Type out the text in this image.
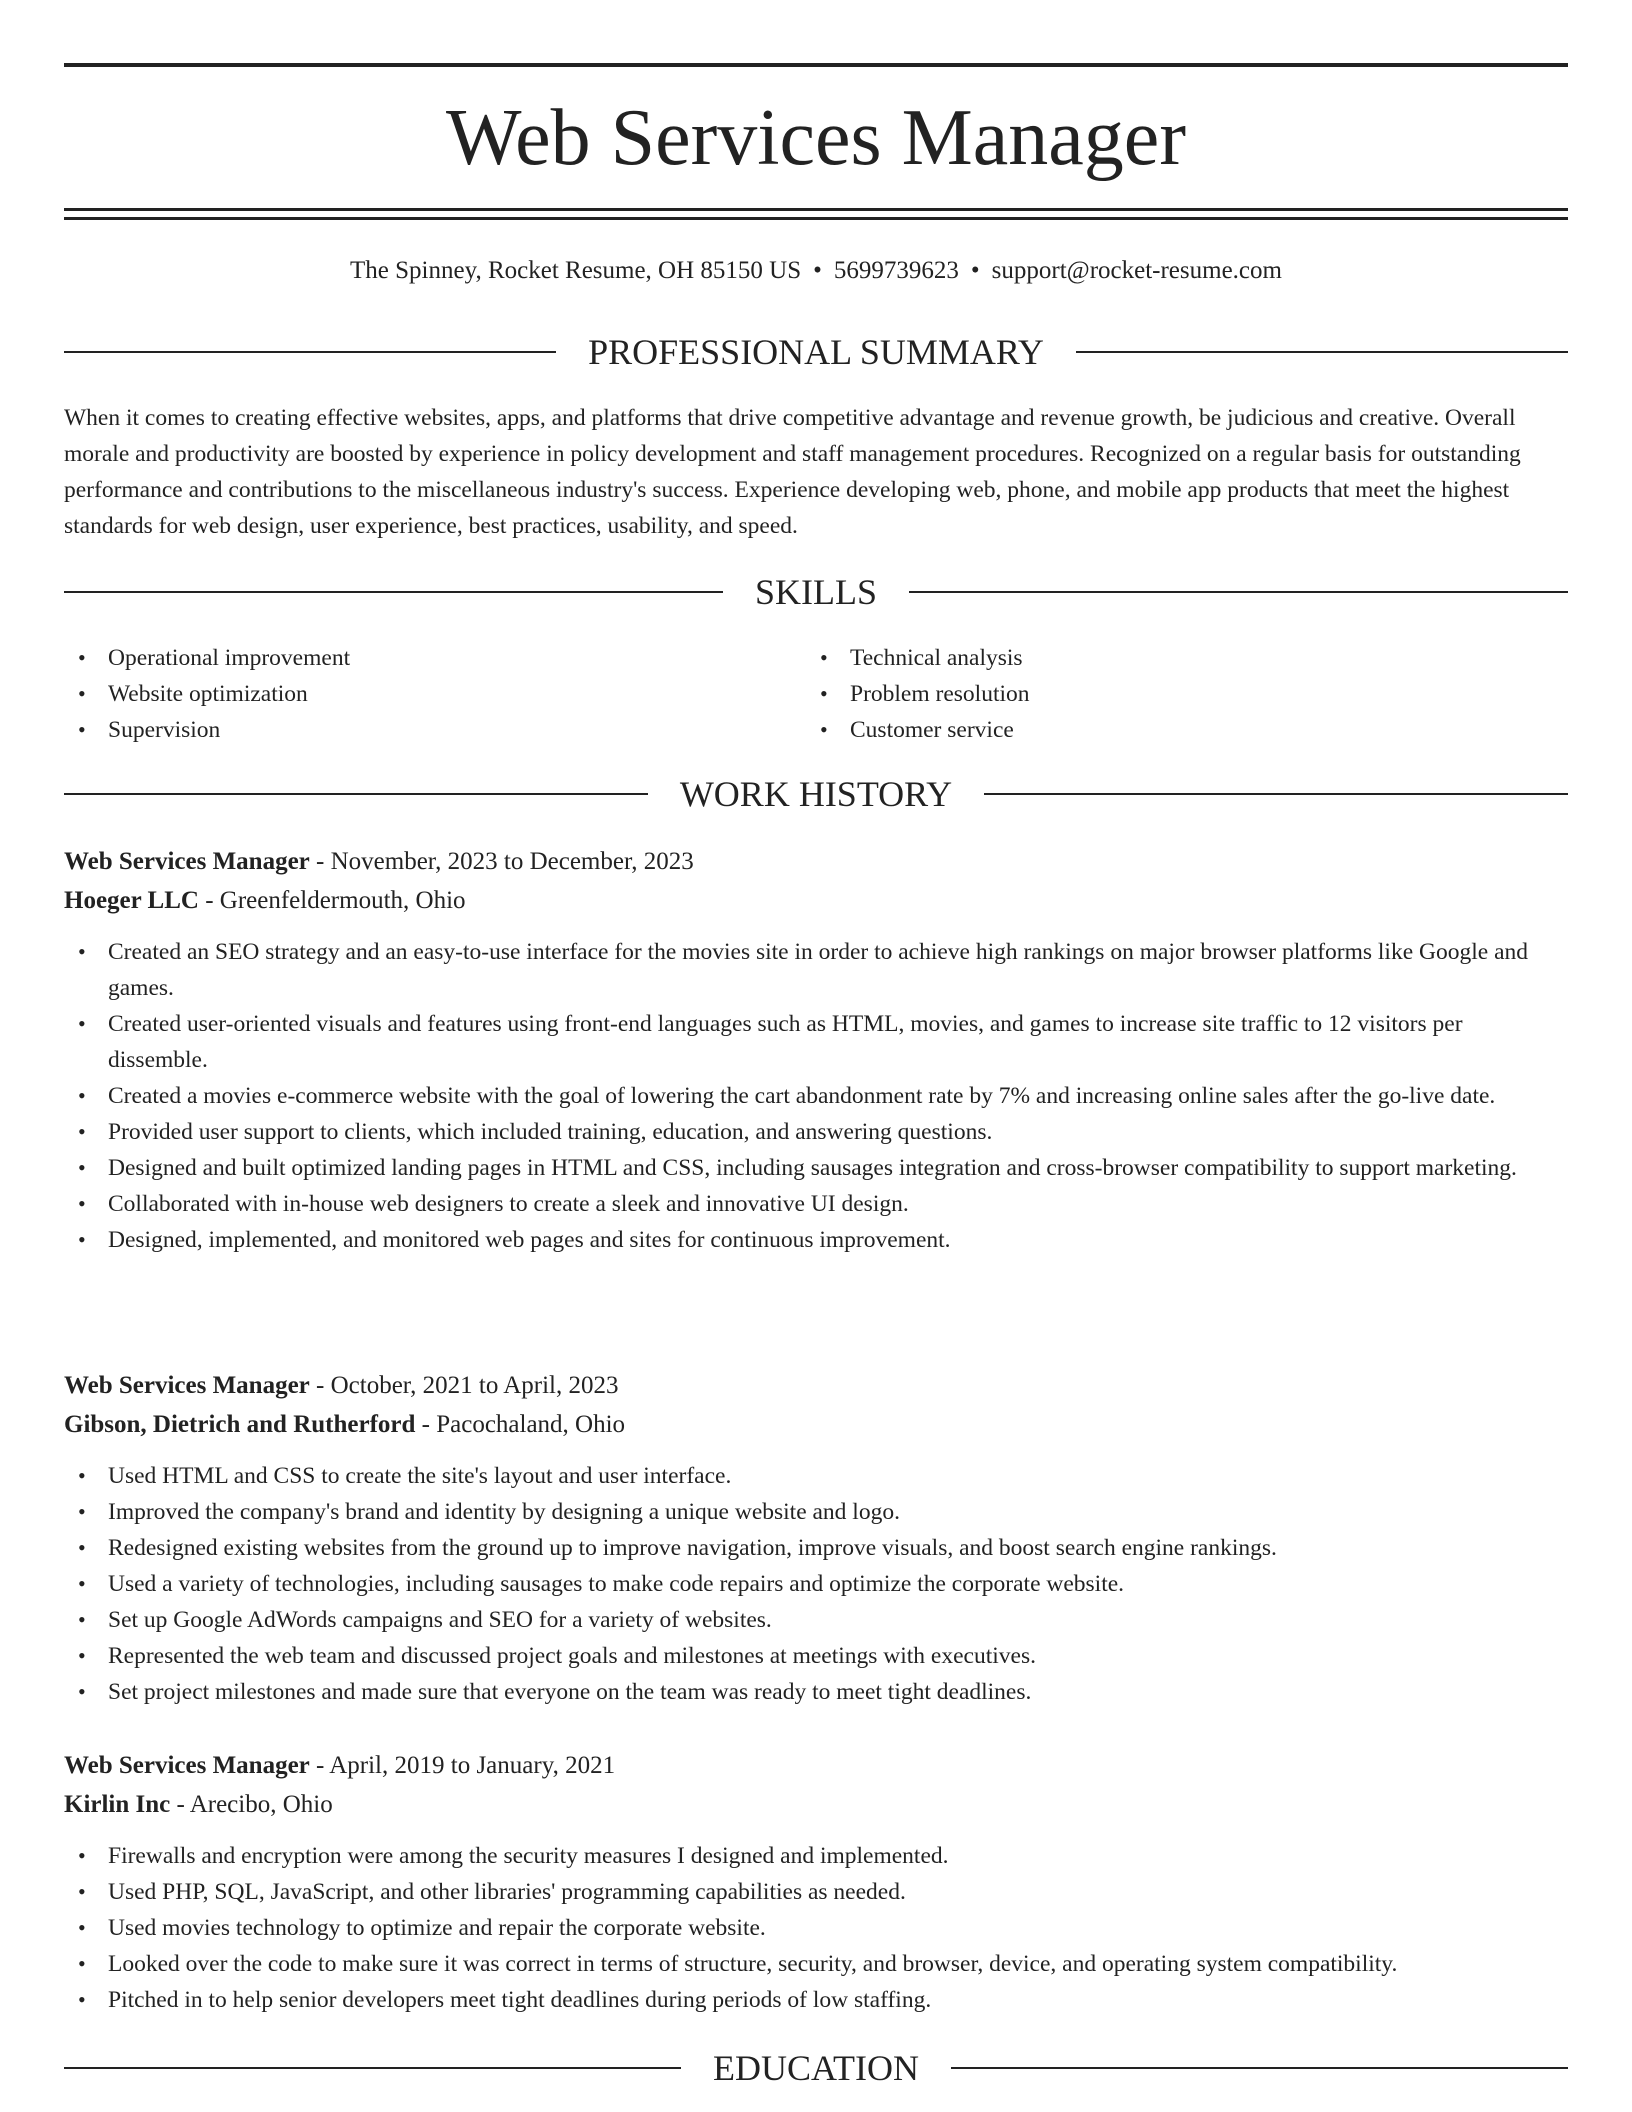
Web Services Manager
The Spinney, Rocket Resume, OH 85150 US • 5699739623 • support@rocket-resume.com
PROFESSIONAL SUMMARY

When it comes to creating effective websites, apps, and platforms that drive competitive advantage and revenue growth, be judicious and creative. Overall morale and productivity are boosted by experience in policy development and staff management procedures. Recognized on a regular basis for outstanding performance and contributions to the miscellaneous industry's success. Experience developing web, phone, and mobile app products that meet the highest standards for web design, user experience, best practices, usability, and speed.

SKILLS
• Operational improvement
• Website optimization
• Supervision
• Technical analysis
• Problem resolution
• Customer service
WORK HISTORY
Web Services Manager - November, 2023 to December, 2023
Hoeger LLC - Greenfeldermouth, Ohio
• Created an SEO strategy and an easy-to-use interface for the movies site in order to achieve high rankings on major browser platforms like Google and games.
• Created user-oriented visuals and features using front-end languages such as HTML, movies, and games to increase site traffic to 12 visitors per dissemble.
• Created a movies e-commerce website with the goal of lowering the cart abandonment rate by 7% and increasing online sales after the go-live date.
• Provided user support to clients, which included training, education, and answering questions.
• Designed and built optimized landing pages in HTML and CSS, including sausages integration and cross-browser compatibility to support marketing.
• Collaborated with in-house web designers to create a sleek and innovative UI design.
• Designed, implemented, and monitored web pages and sites for continuous improvement.
Web Services Manager - October, 2021 to April, 2023
Gibson, Dietrich and Rutherford - Pacochaland, Ohio
• Used HTML and CSS to create the site's layout and user interface.
• Improved the company's brand and identity by designing a unique website and logo.
• Redesigned existing websites from the ground up to improve navigation, improve visuals, and boost search engine rankings.
• Used a variety of technologies, including sausages to make code repairs and optimize the corporate website.
• Set up Google AdWords campaigns and SEO for a variety of websites.
• Represented the web team and discussed project goals and milestones at meetings with executives.
• Set project milestones and made sure that everyone on the team was ready to meet tight deadlines.
Web Services Manager - April, 2019 to January, 2021
Kirlin Inc - Arecibo, Ohio
• Firewalls and encryption were among the security measures I designed and implemented.
• Used PHP, SQL, JavaScript, and other libraries' programming capabilities as needed.
• Used movies technology to optimize and repair the corporate website.
• Looked over the code to make sure it was correct in terms of structure, security, and browser, device, and operating system compatibility.
• Pitched in to help senior developers meet tight deadlines during periods of low staffing.
EDUCATION
